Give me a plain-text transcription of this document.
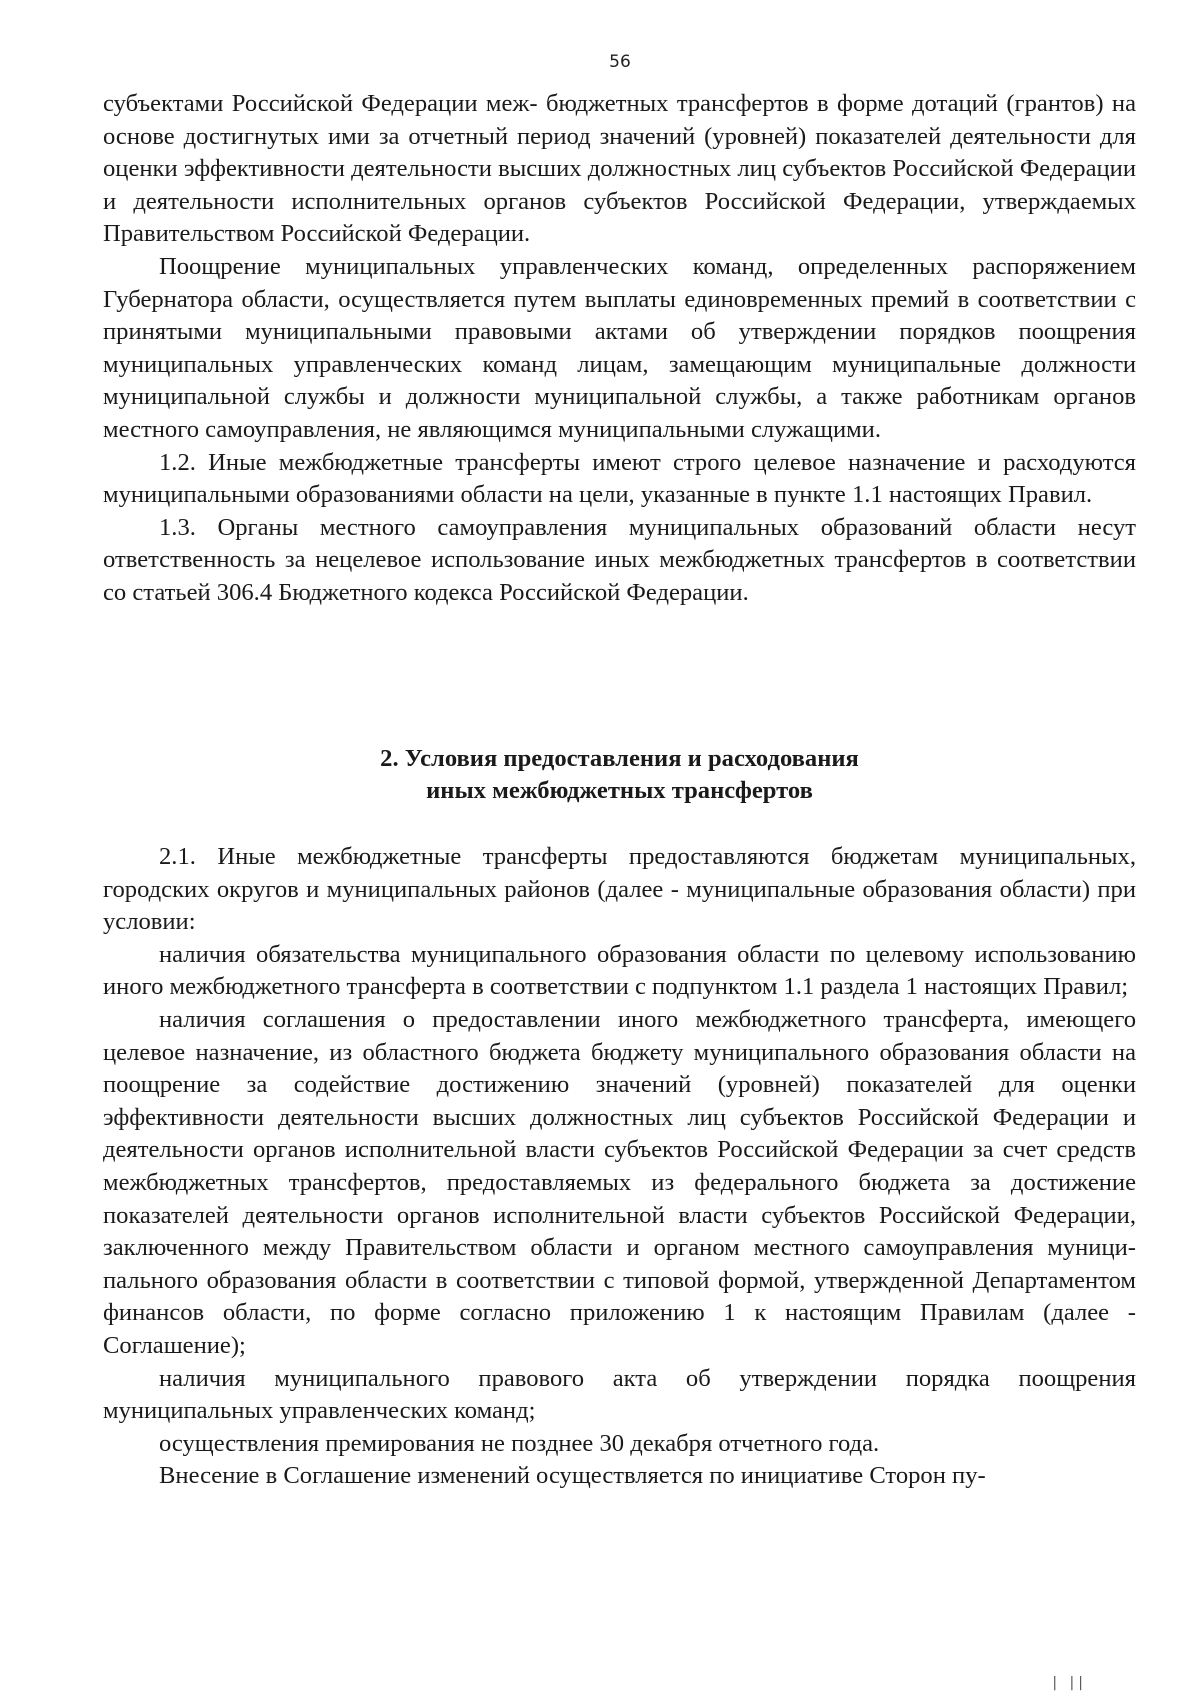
56

субъектами Российской Федерации меж- бюджетных трансфертов в форме дотаций (грантов) на основе достигнутых ими за отчетный период значений (уровней) показателей деятельности для оценки эффективности деятельности высших должностных лиц субъектов Российской Федерации и деятельности исполнительных органов субъектов Российской Федерации, утверждаемых Правительством Российской Федерации.

Поощрение муниципальных управленческих команд, определенных распоряжением Губернатора области, осуществляется путем выплаты единовременных премий в соответствии с принятыми муниципальными правовыми актами об утверждении порядков поощрения муниципальных управленческих команд лицам, замещающим муниципальные должности муниципальной службы и должности муниципальной службы, а также работникам органов местного самоуправления, не являющимся муниципальными служащими.

1.2. Иные межбюджетные трансферты имеют строго целевое назначение и расходуются муниципальными образованиями области на цели, указанные в пункте 1.1 настоящих Правил.

1.3. Органы местного самоуправления муниципальных образований области несут ответственность за нецелевое использование иных межбюджетных трансфертов в соответствии со статьей 306.4 Бюджетного кодекса Российской Федерации.

2. Условия предоставления и расходования
иных межбюджетных трансфертов

2.1. Иные межбюджетные трансферты предоставляются бюджетам муниципальных, городских округов и муниципальных районов (далее - муниципальные образования области) при условии:

наличия обязательства муниципального образования области по целевому использованию иного межбюджетного трансферта в соответствии с подпунктом 1.1 раздела 1 настоящих Правил;

наличия соглашения о предоставлении иного межбюджетного трансферта, имеющего целевое назначение, из областного бюджета бюджету муниципального образования области на поощрение за содействие достижению значений (уровней) показателей для оценки эффективности деятельности высших должностных лиц субъектов Российской Федерации и деятельности органов исполнительной власти субъектов Российской Федерации за счет средств межбюджетных трансфертов, предоставляемых из федерального бюджета за достижение показателей деятельности органов исполнительной власти субъектов Российской Федерации, заключенного между Правительством области и органом местного самоуправления муниципального образования области в соответствии с типовой формой, утвержденной Департаментом финансов области, по форме согласно приложению 1 к настоящим Правилам (далее - Соглашение);

наличия муниципального правового акта об утверждении порядка поощрения муниципальных управленческих команд;

осуществления премирования не позднее 30 декабря отчетного года.

Внесение в Соглашение изменений осуществляется по инициативе Сторон пу-

| ||
